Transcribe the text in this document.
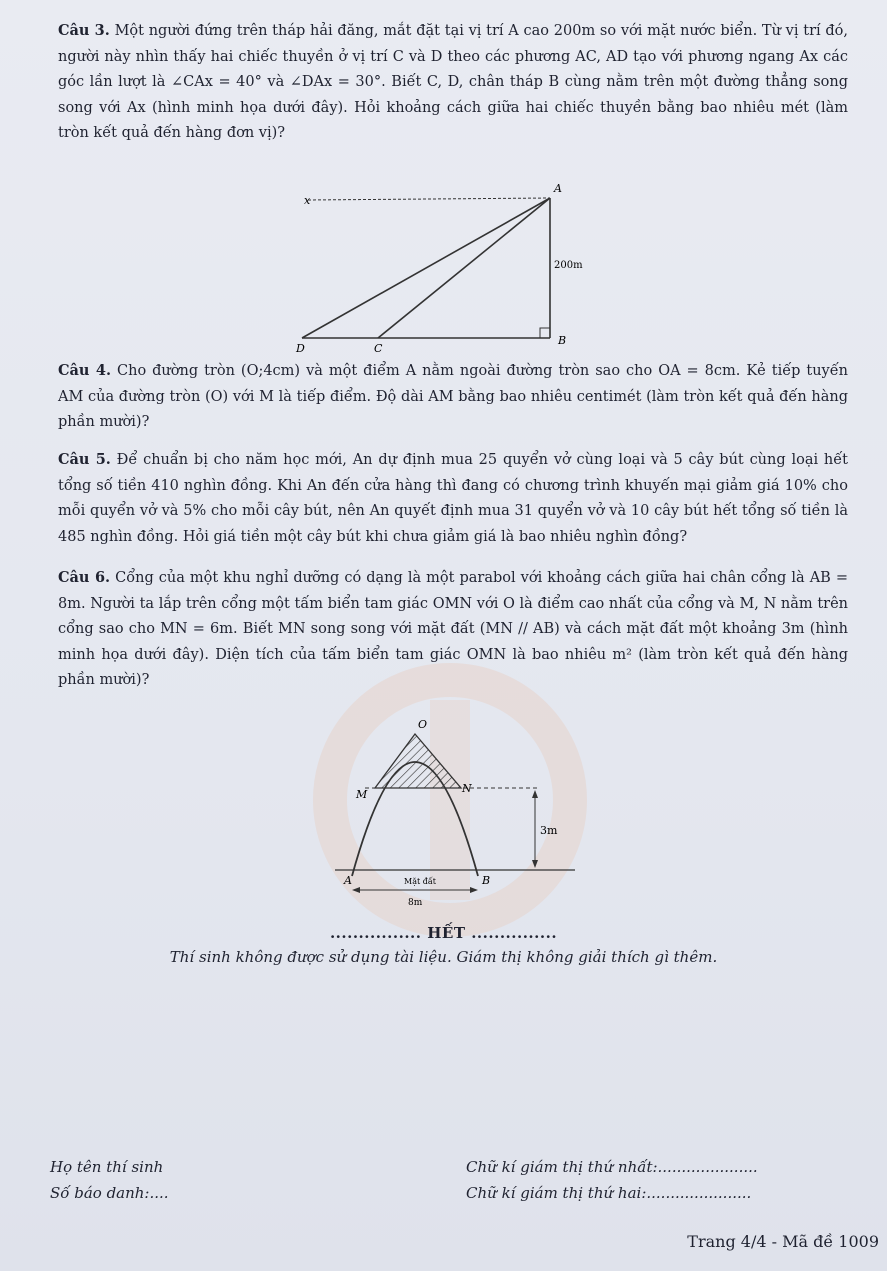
Câu 3. Một người đứng trên tháp hải đăng, mắt đặt tại vị trí A cao 200m so với mặt nước biển. Từ vị trí đó, người này nhìn thấy hai chiếc thuyền ở vị trí C và D theo các phương AC, AD tạo với phương ngang Ax các góc lần lượt là ∠CAx = 40° và ∠DAx = 30°. Biết C, D, chân tháp B cùng nằm trên một đường thẳng song song với Ax (hình minh họa dưới đây). Hỏi khoảng cách giữa hai chiếc thuyền bằng bao nhiêu mét (làm tròn kết quả đến hàng đơn vị)?
x
A
B
C
D
200m
Câu 4. Cho đường tròn (O;4cm) và một điểm A nằm ngoài đường tròn sao cho OA = 8cm. Kẻ tiếp tuyến AM của đường tròn (O) với M là tiếp điểm. Độ dài AM bằng bao nhiêu centimét (làm tròn kết quả đến hàng phần mười)?
Câu 5. Để chuẩn bị cho năm học mới, An dự định mua 25 quyển vở cùng loại và 5 cây bút cùng loại hết tổng số tiền 410 nghìn đồng. Khi An đến cửa hàng thì đang có chương trình khuyến mại giảm giá 10% cho mỗi quyển vở và 5% cho mỗi cây bút, nên An quyết định mua 31 quyển vở và 10 cây bút hết tổng số tiền là 485 nghìn đồng. Hỏi giá tiền một cây bút khi chưa giảm giá là bao nhiêu nghìn đồng?
Câu 6. Cổng của một khu nghỉ dưỡng có dạng là một parabol với khoảng cách giữa hai chân cổng là AB = 8m. Người ta lắp trên cổng một tấm biển tam giác OMN với O là điểm cao nhất của cổng và M, N nằm trên cổng sao cho MN = 6m. Biết MN song song với mặt đất (MN // AB) và cách mặt đất một khoảng 3m (hình minh họa dưới đây). Diện tích của tấm biển tam giác OMN là bao nhiêu m² (làm tròn kết quả đến hàng phần mười)?
O
M	N
A	B
Mặt đất
8m
3m
................ HẾT ...............
Thí sinh không được sử dụng tài liệu. Giám thị không giải thích gì thêm.
Họ tên thí sinh
Số báo danh:....
Chữ kí giám thị thứ nhất:.....................
Chữ kí giám thị thứ hai:......................
Trang 4/4 - Mã đề 1009
